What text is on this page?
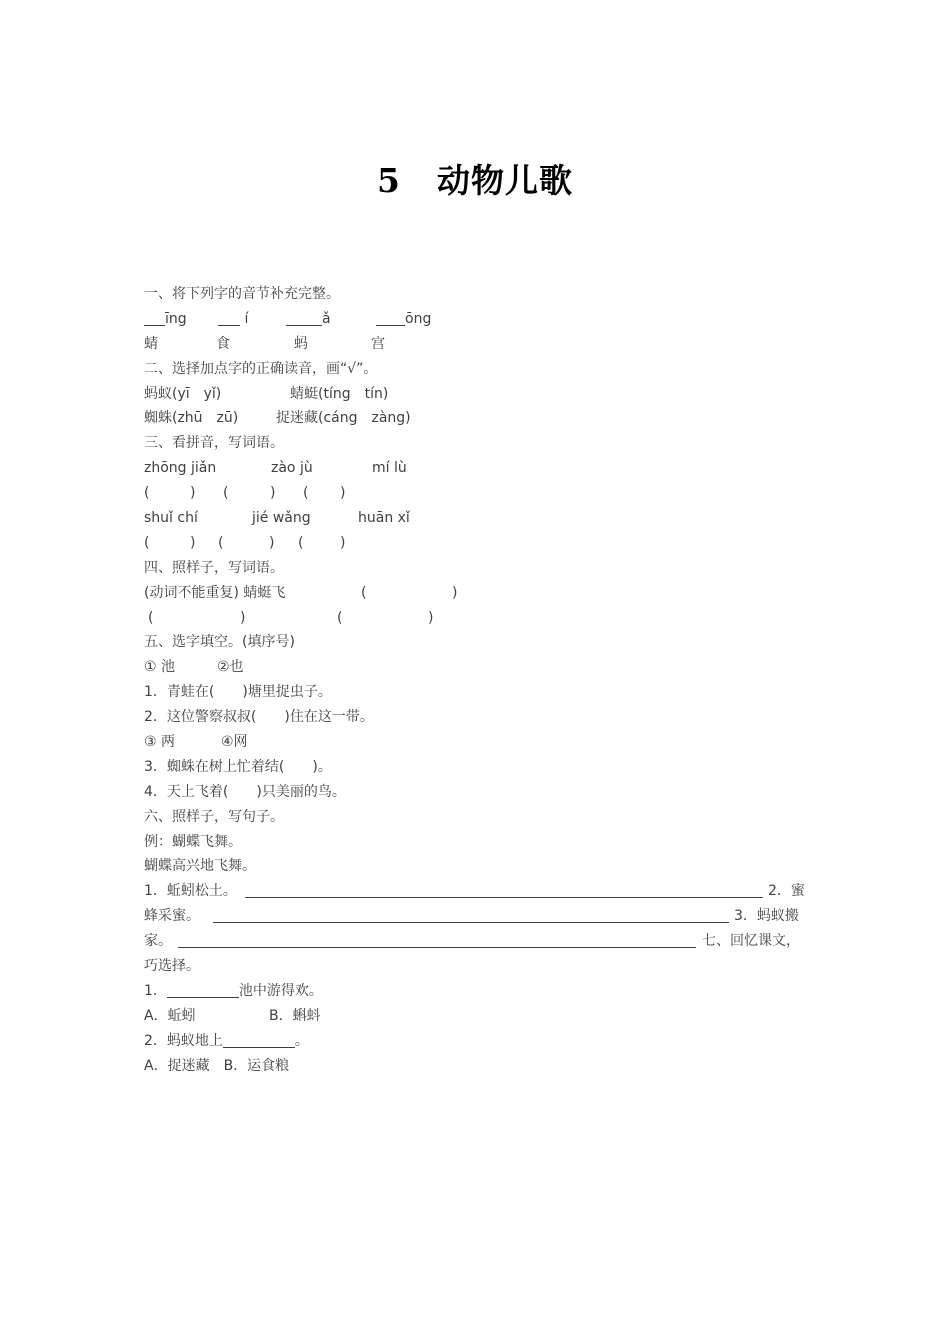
5 动物儿歌
一、将下列字的音节补充完整。
īng	í	ǎ	ōng
蜻	食	蚂	宫
二、选择加点字的正确读音，画“√”。
蚂蚁(yī　yǐ)	蜻蜓(tíng　tín)
蜘蛛(zhū　zū)	捉迷藏(cáng　zàng)
三、看拼音，写词语。
zhōng jiǎn	zào jù	mí lù
(	) (	) ( )
shuǐ chí	jié wǎng	huān xǐ
(	) (	) (	)
四、照样子，写词语。
(动词不能重复) 蜻蜓飞	(	)
(	)	(	)
五、选字填空。(填序号)
① 池	②也
1．青蛙在(　　)塘里捉虫子。
2．这位警察叔叔(　　)住在这一带。
③ 两	④网
3．蜘蛛在树上忙着结(　　)。
4．天上飞着(　　)只美丽的鸟。
六、照样子，写句子。
例：蝴蝶飞舞。
蝴蝶高兴地飞舞。
1．蚯蚓松土。	2．蜜
蜂采蜜。	3．蚂蚁搬
家。	七、回忆课文，
巧选择。
1．	池中游得欢。
A．蚯蚓	B．蝌蚪
2．蚂蚁地上	。
A．捉迷藏　B．运食粮
